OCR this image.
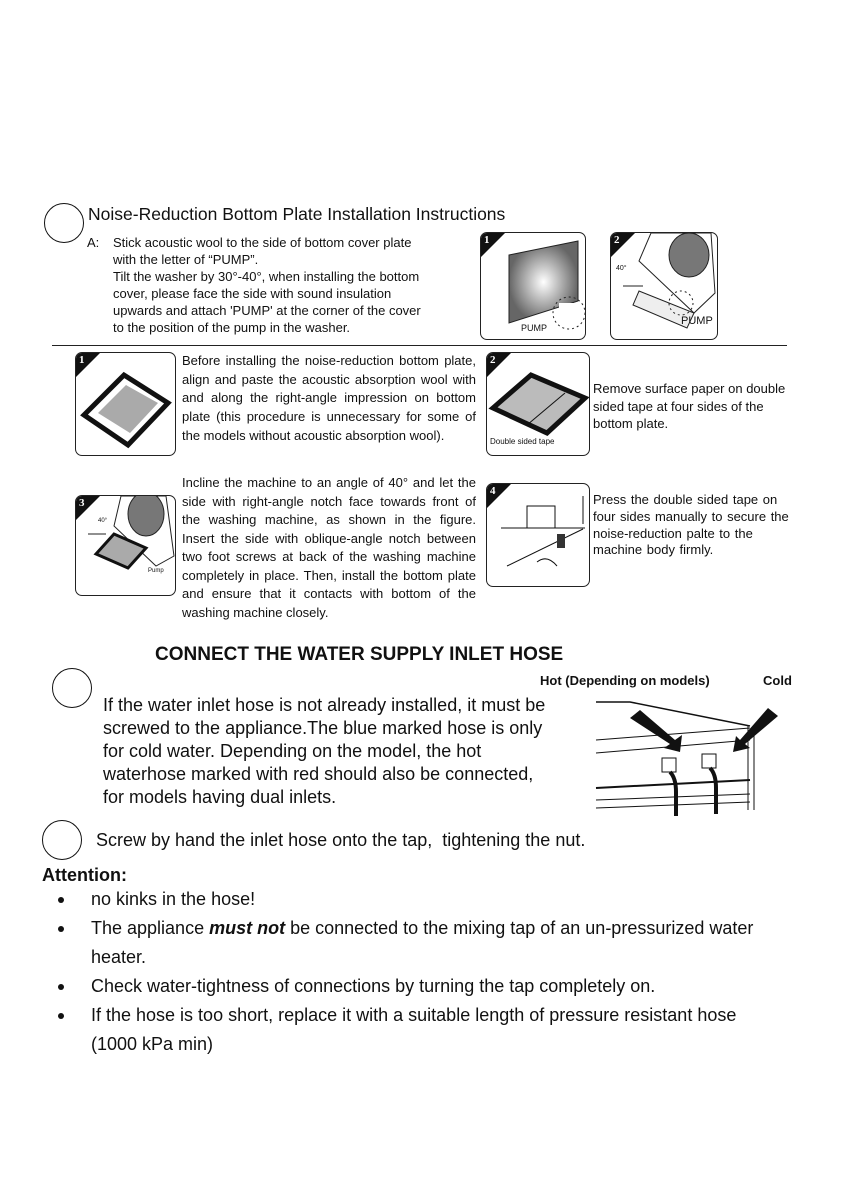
Noise-Reduction Bottom Plate Installation Instructions
A: Stick acoustic wool to the side of bottom cover plate
with the letter of “PUMP”.
Tilt the washer by 30°-40°, when installing the bottom
cover, please face the side with sound insulation
upwards and attach 'PUMP' at the corner of the cover
to the position of the pump in the washer.
1
PUMP
2
40°
PUMP
1	Before installing the noise-reduction bottom plate, align and paste the acoustic absorption wool with and along the right-angle impression on bottom plate (this procedure is unnecessary for some of the models without acoustic absorption wool).
2
Double sided tape
Remove surface paper on double sided tape at four sides of the bottom plate.
3
40°
Pump
Incline the machine to an angle of 40° and let the side with right-angle notch face towards front of the washing machine, as shown in the figure. Insert the side with oblique-angle notch between two foot screws at back of the washing machine completely in place. Then, install the bottom plate and ensure that it contacts with bottom of the washing machine closely.
4
Press the double sided tape on four sides manually to secure the noise-reduction palte to the machine body firmly.
CONNECT THE WATER SUPPLY INLET HOSE
Hot (Depending on models)	Cold
If the water inlet hose is not already installed, it must be
screwed to the appliance.The blue marked hose is only
for cold water. Depending on the model, the hot
waterhose marked with red should also be connected,
for models having dual inlets.
Screw by hand the inlet hose onto the tap,  tightening the nut.
Attention:
no kinks in the hose!
The appliance must not be connected to the mixing tap of an un-pressurized water heater.
Check water-tightness of connections by turning the tap completely on.
If the hose is too short, replace it with a suitable length of pressure resistant hose (1000 kPa min)
